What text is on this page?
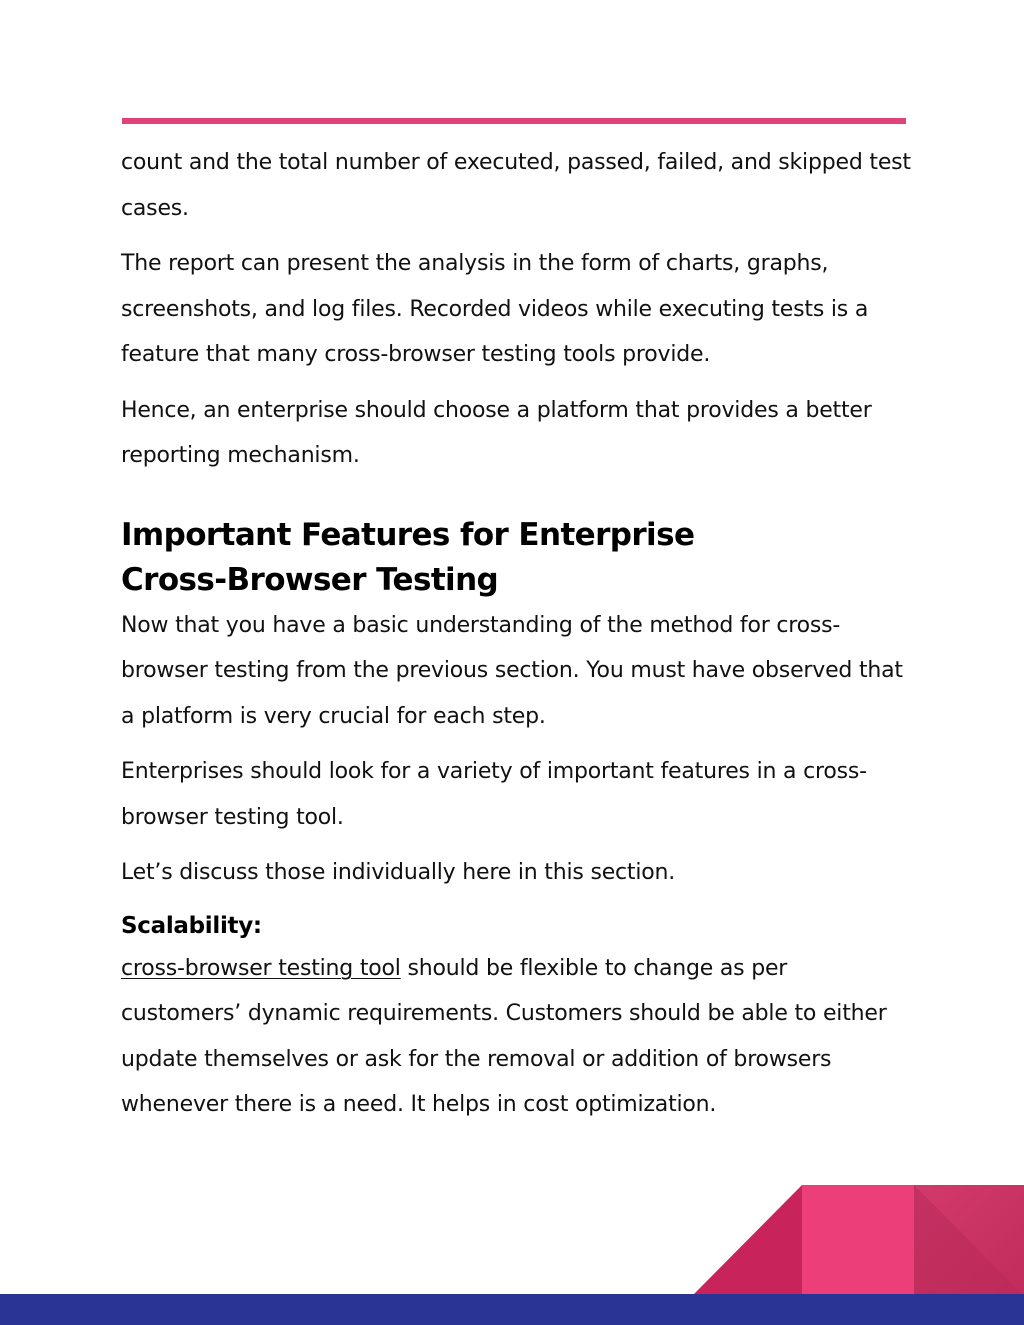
count and the total number of executed, passed, failed, and skipped test cases.

The report can present the analysis in the form of charts, graphs, screenshots, and log files. Recorded videos while executing tests is a feature that many cross-browser testing tools provide.

Hence, an enterprise should choose a platform that provides a better reporting mechanism.

Important Features for Enterprise
Cross-Browser Testing

Now that you have a basic understanding of the method for cross-browser testing from the previous section. You must have observed that a platform is very crucial for each step.

Enterprises should look for a variety of important features in a cross-browser testing tool.

Let’s discuss those individually here in this section.

Scalability:

cross-browser testing tool should be flexible to change as per customers’ dynamic requirements. Customers should be able to either update themselves or ask for the removal or addition of browsers whenever there is a need. It helps in cost optimization.
